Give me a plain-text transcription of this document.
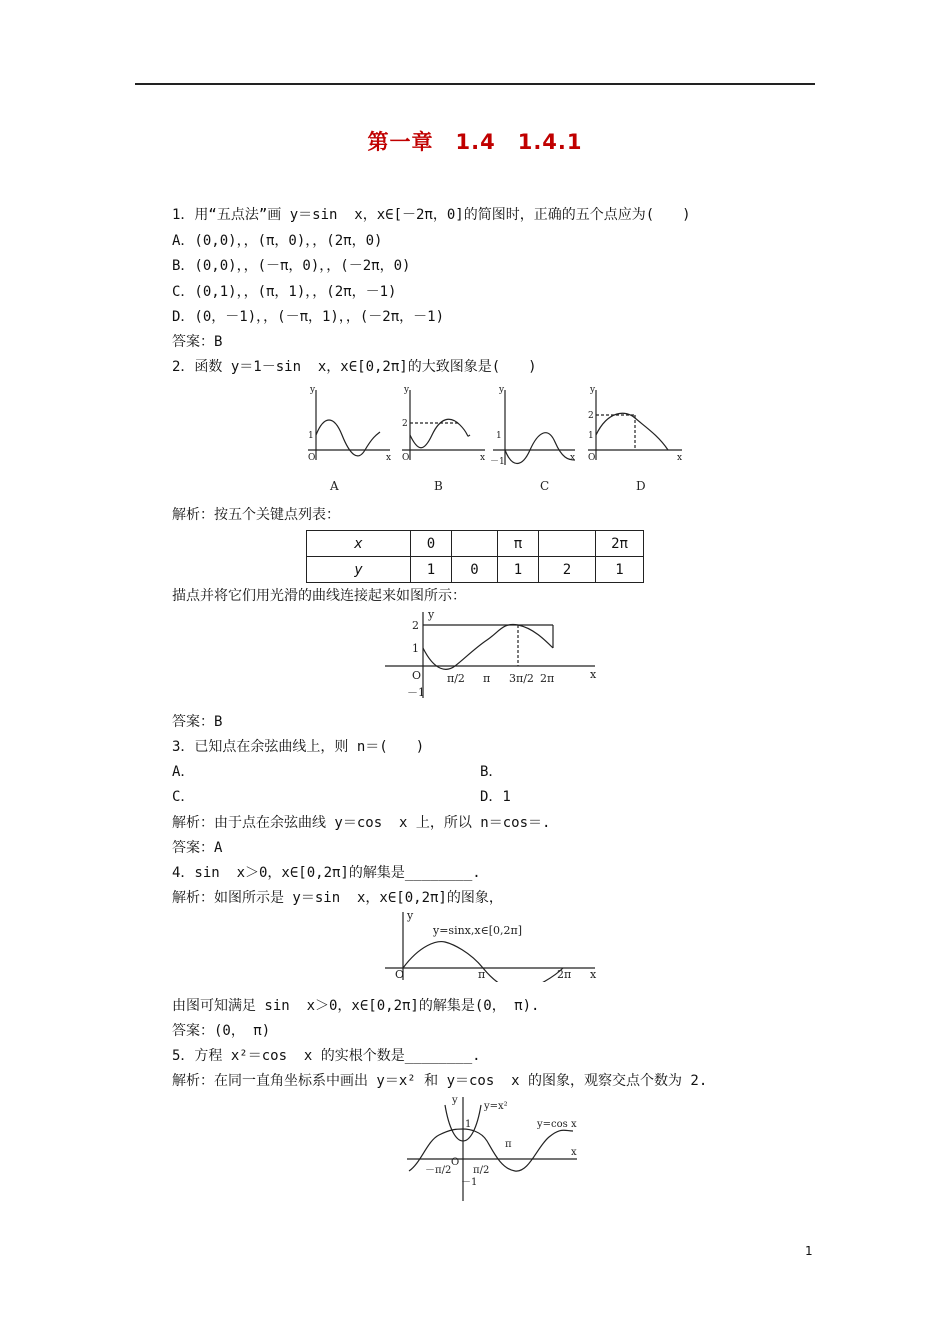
第一章　1.4　1.4.1
1．用“五点法”画 y＝sin  x，x∈[－2π，0]的简图时，正确的五个点应为(　　)
A．(0,0)，，(π，0)，，(2π，0)
B．(0,0)，，(－π，0)，，(－2π，0)
C．(0,1)，，(π，1)，，(2π，－1)
D．(0，－1)，，(－π，1)，，(－2π，－1)
答案：B
2．函数 y＝1－sin  x，x∈[0,2π]的大致图象是(　　)
y
1
O	x
A
y
2
O	x
B
y
1
－1	x
C
y
2
1
O	x
D
解析：按五个关键点列表：
x	0		π		2π
y	1	0	1	2	1
描点并将它们用光滑的曲线连接起来如图所示：
y
2
1
O
－1
π/2 π 3π/2 2π	x
答案：B
3．已知点在余弦曲线上，则 n＝(　　)
A．	B．
C．	D．1
解析：由于点在余弦曲线 y＝cos  x 上，所以 n＝cos＝.
答案：A
4．sin  x＞0，x∈[0,2π]的解集是________.
解析：如图所示是 y＝sin  x，x∈[0,2π]的图象，
y
y=sinx,x∈[0,2π]
O	π	2π x
由图可知满足 sin  x＞0，x∈[0,2π]的解集是(0， π).
答案：(0， π)
5．方程 x²＝cos  x 的实根个数是________.
解析：在同一直角坐标系中画出 y＝x² 和 y＝cos  x 的图象，观察交点个数为 2.
y
y=x²
y=cos x
1
O
－π/2 π/2
π
－1
x
1
